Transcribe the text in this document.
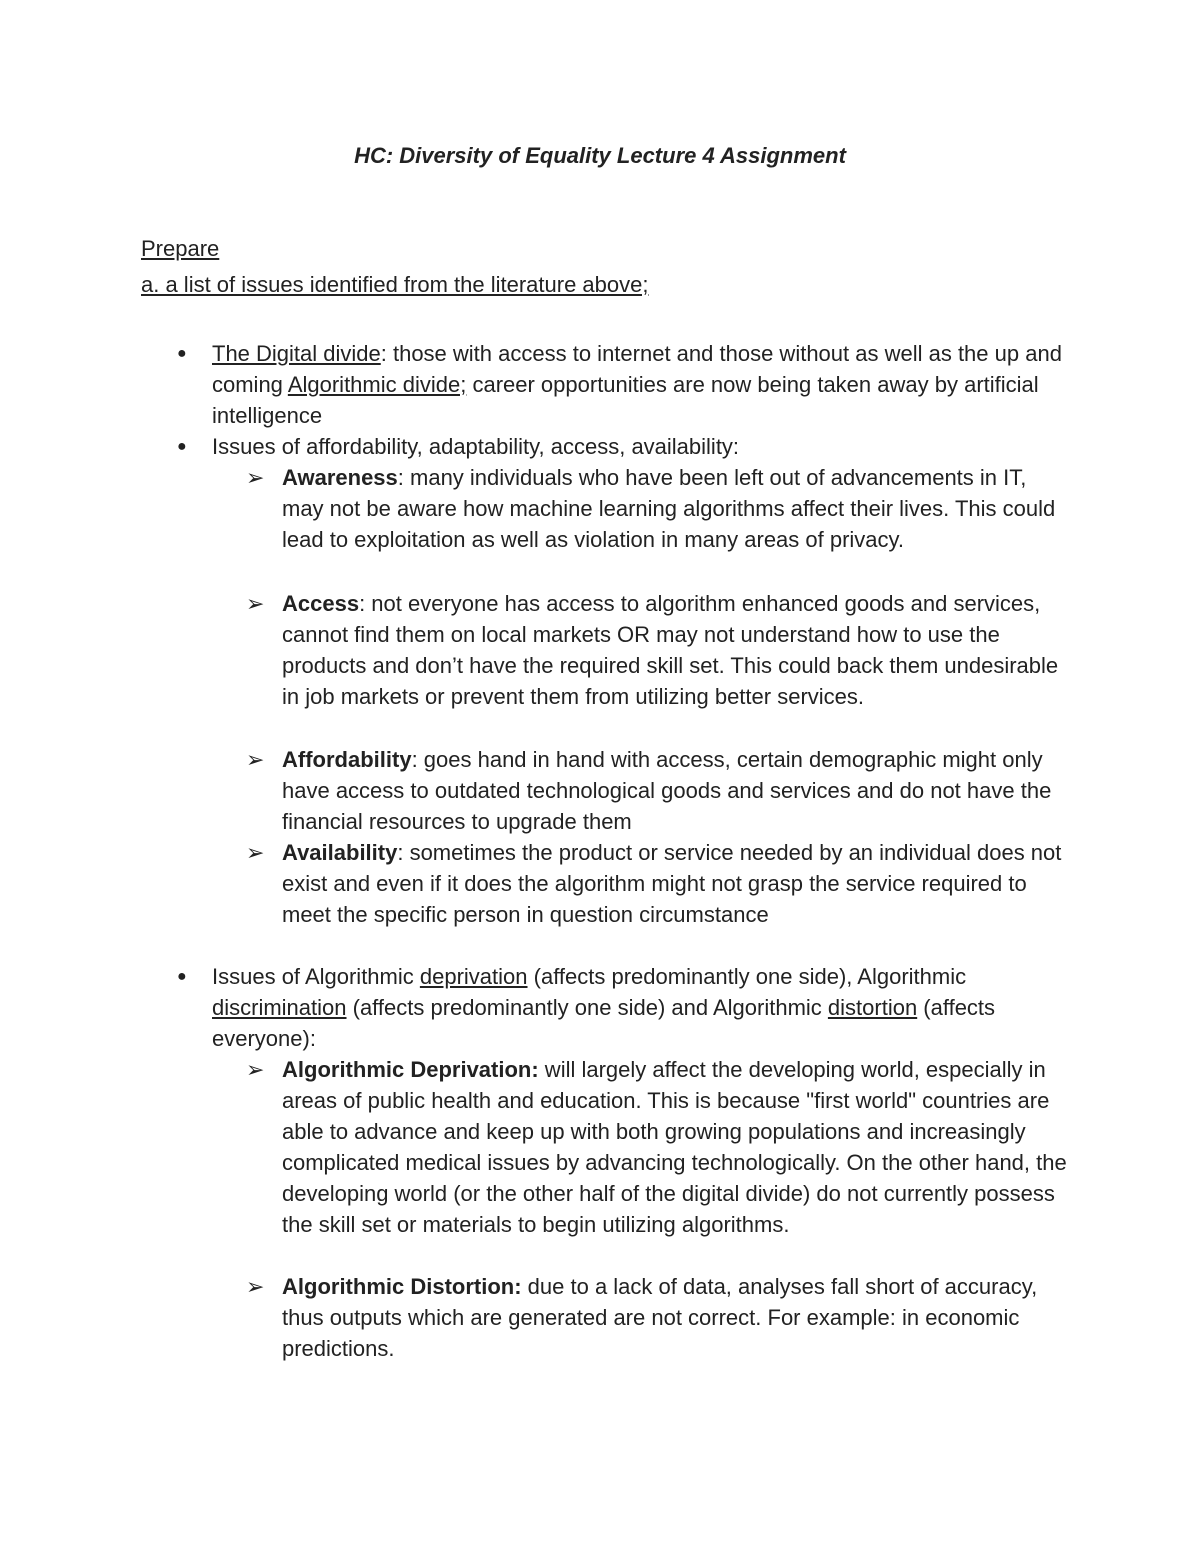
HC: Diversity of Equality Lecture 4 Assignment

Prepare

a. a list of issues identified from the literature above;

● The Digital divide: those with access to internet and those without as well as the up and coming Algorithmic divide; career opportunities are now being taken away by artificial intelligence

● Issues of affordability, adaptability, access, availability:

➢ Awareness: many individuals who have been left out of advancements in IT, may not be aware how machine learning algorithms affect their lives. This could lead to exploitation as well as violation in many areas of privacy.

➢ Access: not everyone has access to algorithm enhanced goods and services, cannot find them on local markets OR may not understand how to use the products and don’t have the required skill set. This could back them undesirable in job markets or prevent them from utilizing better services.

➢ Affordability: goes hand in hand with access, certain demographic might only have access to outdated technological goods and services and do not have the financial resources to upgrade them

➢ Availability: sometimes the product or service needed by an individual does not exist and even if it does the algorithm might not grasp the service required to meet the specific person in question circumstance

● Issues of Algorithmic deprivation (affects predominantly one side), Algorithmic discrimination (affects predominantly one side) and Algorithmic distortion (affects everyone):

➢ Algorithmic Deprivation: will largely affect the developing world, especially in areas of public health and education. This is because "first world" countries are able to advance and keep up with both growing populations and increasingly complicated medical issues by advancing technologically. On the other hand, the developing world (or the other half of the digital divide) do not currently possess the skill set or materials to begin utilizing algorithms.

➢ Algorithmic Distortion: due to a lack of data, analyses fall short of accuracy, thus outputs which are generated are not correct. For example: in economic predictions.
